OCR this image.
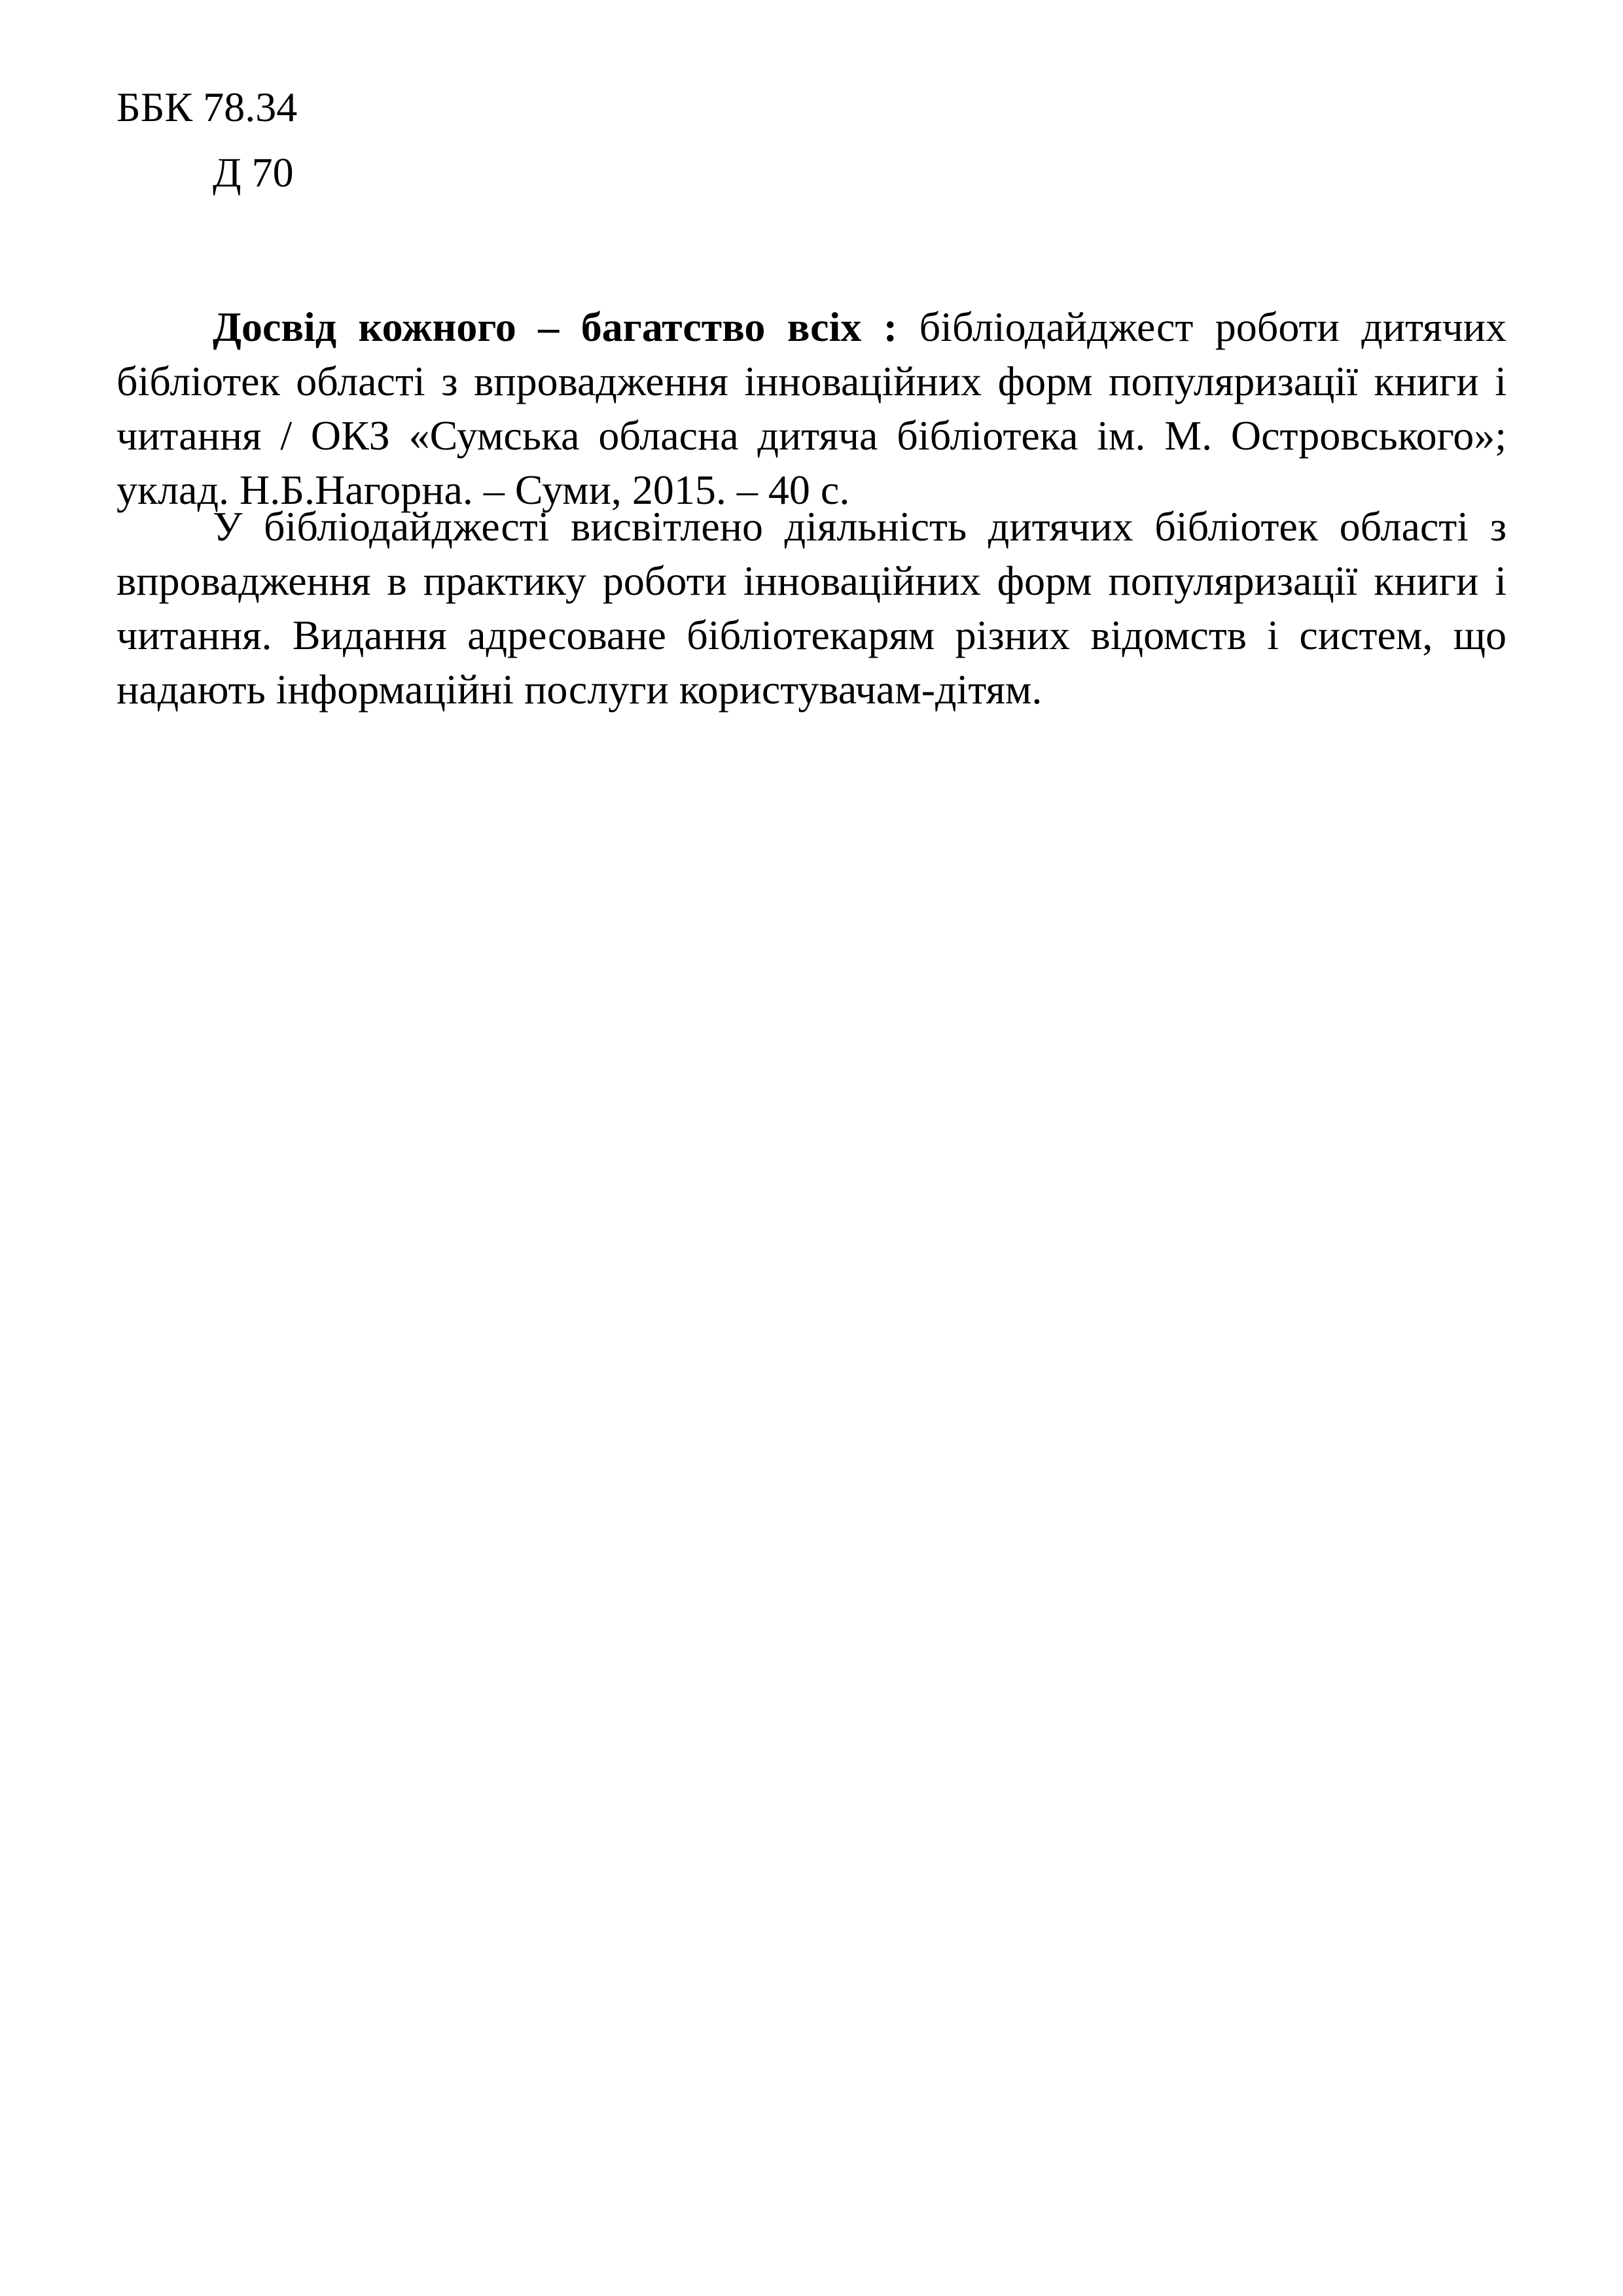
ББК 78.34
Д 70

Досвід кожного – багатство всіх : бібліодайджест роботи дитячих бібліотек області з впровадження інноваційних форм популяризації книги і читання / ОКЗ «Сумська обласна дитяча бібліотека ім. М. Островського»; уклад. Н.Б.Нагорна. – Суми, 2015. – 40 с.

У бібліодайджесті висвітлено діяльність дитячих бібліотек області з впровадження в практику роботи інноваційних форм популяризації книги і читання. Видання адресоване бібліотекарям різних відомств і систем, що надають інформаційні послуги користувачам-дітям.
